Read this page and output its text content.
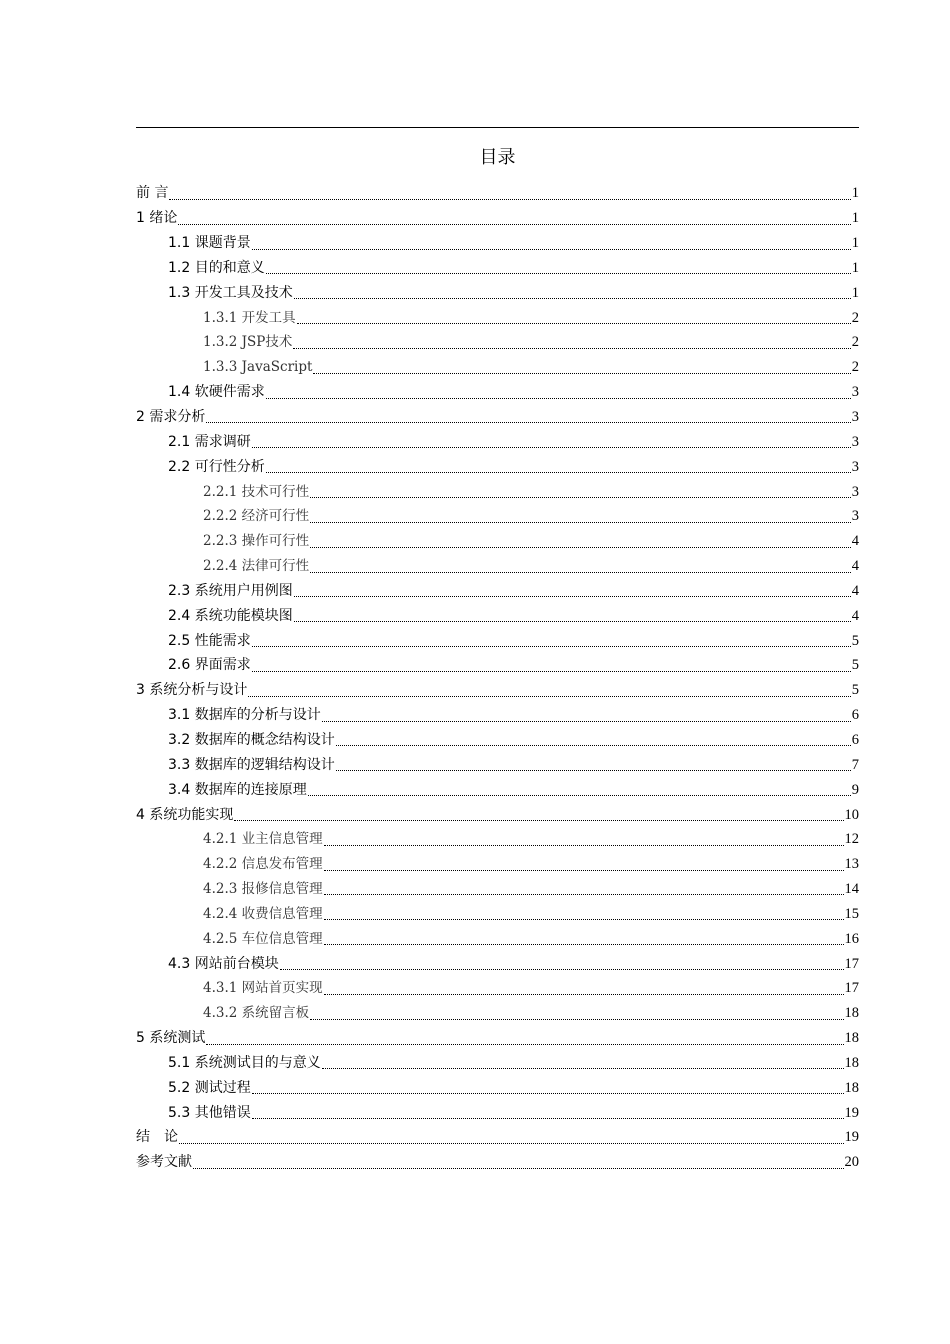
目录
前 言	1
1 绪论	1
1.1 课题背景	1
1.2 目的和意义	1
1.3 开发工具及技术	1
1.3.1 开发工具	2
1.3.2 JSP技术	2
1.3.3 JavaScript	2
1.4 软硬件需求	3
2 需求分析	3
2.1 需求调研	3
2.2 可行性分析	3
2.2.1 技术可行性	3
2.2.2 经济可行性	3
2.2.3 操作可行性	4
2.2.4 法律可行性	4
2.3 系统用户用例图	4
2.4 系统功能模块图	4
2.5 性能需求	5
2.6 界面需求	5
3 系统分析与设计	5
3.1 数据库的分析与设计	6
3.2 数据库的概念结构设计	6
3.3 数据库的逻辑结构设计	7
3.4 数据库的连接原理	9
4 系统功能实现	10
4.2.1 业主信息管理	12
4.2.2 信息发布管理	13
4.2.3 报修信息管理	14
4.2.4 收费信息管理	15
4.2.5 车位信息管理	16
4.3 网站前台模块	17
4.3.1 网站首页实现	17
4.3.2 系统留言板	18
5 系统测试	18
5.1 系统测试目的与意义	18
5.2 测试过程	18
5.3 其他错误	19
结　论	19
参考文献	20
